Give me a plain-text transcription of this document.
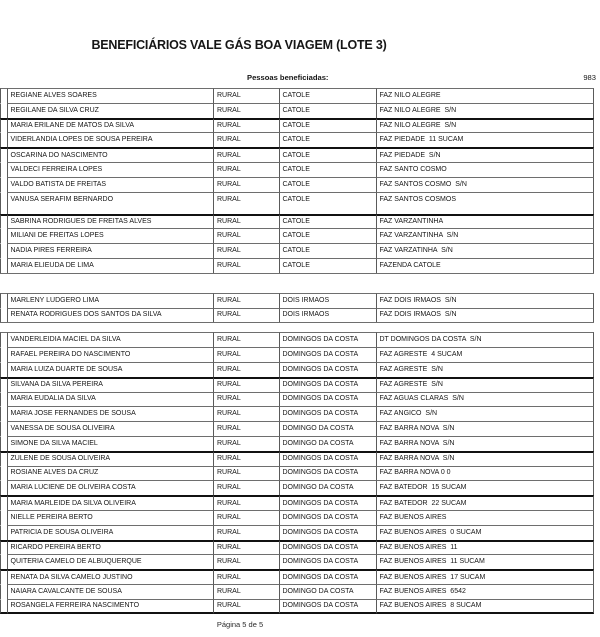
BENEFICIÁRIOS VALE GÁS BOA VIAGEM (LOTE 3)
Pessoas beneficiadas:	983
REGIANE ALVES SOARES	RURAL	CATOLE	FAZ NILO ALEGRE
REGILANE DA SILVA CRUZ	RURAL	CATOLE	FAZ NILO ALEGRE  S/N
MARIA ERILANE DE MATOS DA SILVA	RURAL	CATOLE	FAZ NILO ALEGRE  S/N
VIDERLANDIA LOPES DE SOUSA PEREIRA	RURAL	CATOLE	FAZ PIEDADE  11 SUCAM
OSCARINA DO NASCIMENTO	RURAL	CATOLE	FAZ PIEDADE  S/N
VALDECI FERREIRA LOPES	RURAL	CATOLE	FAZ SANTO COSMO
VALDO BATISTA DE FREITAS	RURAL	CATOLE	FAZ SANTOS COSMO  S/N
VANUSA SERAFIM BERNARDO	RURAL	CATOLE	FAZ SANTOS COSMOS
SABRINA RODRIGUES DE FREITAS ALVES	RURAL	CATOLE	FAZ VARZANTINHA
MILIANI DE FREITAS LOPES	RURAL	CATOLE	FAZ VARZANTINHA  S/N
NADIA PIRES FERREIRA	RURAL	CATOLE	FAZ VARZATINHA  S/N
MARIA ELIEUDA DE LIMA	RURAL	CATOLE	FAZENDA CATOLE
MARLENY LUDGERO LIMA	RURAL	DOIS IRMAOS	FAZ DOIS IRMAOS  S/N
RENATA RODRIGUES DOS SANTOS DA SILVA	RURAL	DOIS IRMAOS	FAZ DOIS IRMAOS  S/N
VANDERLEIDIA MACIEL DA SILVA	RURAL	DOMINGOS DA COSTA	DT DOMINGOS DA COSTA  S/N
RAFAEL PEREIRA DO NASCIMENTO	RURAL	DOMINGOS DA COSTA	FAZ AGRESTE  4 SUCAM
MARIA LUIZA DUARTE DE SOUSA	RURAL	DOMINGOS DA COSTA	FAZ AGRESTE  S/N
SILVANA DA SILVA PEREIRA	RURAL	DOMINGOS DA COSTA	FAZ AGRESTE  S/N
MARIA EUDALIA DA SILVA	RURAL	DOMINGOS DA COSTA	FAZ AGUAS CLARAS  S/N
MARIA JOSE FERNANDES DE SOUSA	RURAL	DOMINGOS DA COSTA	FAZ ANGICO  S/N
VANESSA DE SOUSA OLIVEIRA	RURAL	DOMINGO DA COSTA	FAZ BARRA NOVA  S/N
SIMONE DA SILVA MACIEL	RURAL	DOMINGO DA COSTA	FAZ BARRA NOVA  S/N
ZULENE DE SOUSA OLIVEIRA	RURAL	DOMINGOS DA COSTA	FAZ BARRA NOVA  S/N
ROSIANE ALVES DA CRUZ	RURAL	DOMINGOS DA COSTA	FAZ BARRA NOVA 0 0
MARIA LUCIENE DE OLIVEIRA COSTA	RURAL	DOMINGO DA COSTA	FAZ BATEDOR  15 SUCAM
MARIA MARLEIDE DA SILVA OLIVEIRA	RURAL	DOMINGOS DA COSTA	FAZ BATEDOR  22 SUCAM
NIELLE PEREIRA BERTO	RURAL	DOMINGOS DA COSTA	FAZ BUENOS AIRES
PATRICIA DE SOUSA OLIVEIRA	RURAL	DOMINGOS DA COSTA	FAZ BUENOS AIRES  0 SUCAM
RICARDO PEREIRA BERTO	RURAL	DOMINGOS DA COSTA	FAZ BUENOS AIRES  11
QUITERIA CAMELO DE ALBUQUERQUE	RURAL	DOMINGOS DA COSTA	FAZ BUENOS AIRES  11 SUCAM
RENATA DA SILVA CAMELO JUSTINO	RURAL	DOMINGOS DA COSTA	FAZ BUENOS AIRES  17 SUCAM
NAIARA CAVALCANTE DE SOUSA	RURAL	DOMINGO DA COSTA	FAZ BUENOS AIRES  6542
ROSANGELA FERREIRA NASCIMENTO	RURAL	DOMINGOS DA COSTA	FAZ BUENOS AIRES  8 SUCAM
Página 5 de 5
